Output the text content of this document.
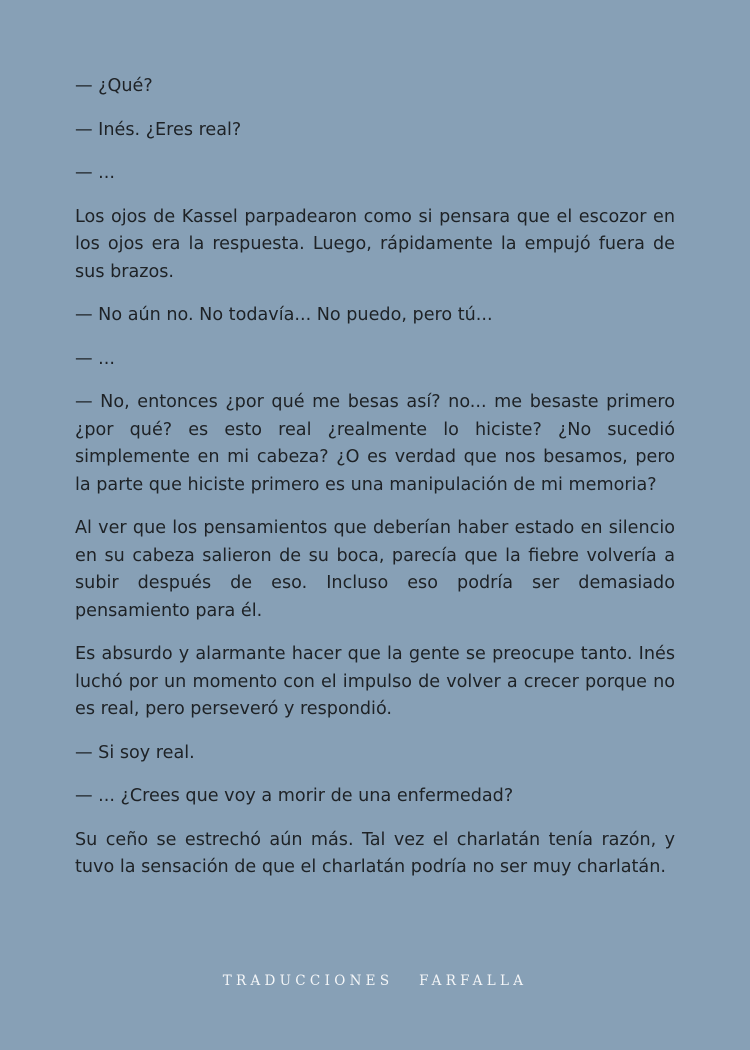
— ¿Qué?

— Inés. ¿Eres real?

— ...

Los ojos de Kassel parpadearon como si pensara que el escozor en los ojos era la respuesta. Luego, rápidamente la empujó fuera de sus brazos.

— No aún no. No todavía... No puedo, pero tú...

— ...

— No, entonces ¿por qué me besas así? no... me besaste primero ¿por qué? es esto real ¿realmente lo hiciste? ¿No sucedió simplemente en mi cabeza? ¿O es verdad que nos besamos, pero la parte que hiciste primero es una manipulación de mi memoria?

Al ver que los pensamientos que deberían haber estado en silencio en su cabeza salieron de su boca, parecía que la fiebre volvería a subir después de eso. Incluso eso podría ser demasiado pensamiento para él.

Es absurdo y alarmante hacer que la gente se preocupe tanto. Inés luchó por un momento con el impulso de volver a crecer porque no es real, pero perseveró y respondió.

— Si soy real.

— ... ¿Crees que voy a morir de una enfermedad?

Su ceño se estrechó aún más. Tal vez el charlatán tenía razón, y tuvo la sensación de que el charlatán podría no ser muy charlatán.

TRADUCCIONES   FARFALLA
